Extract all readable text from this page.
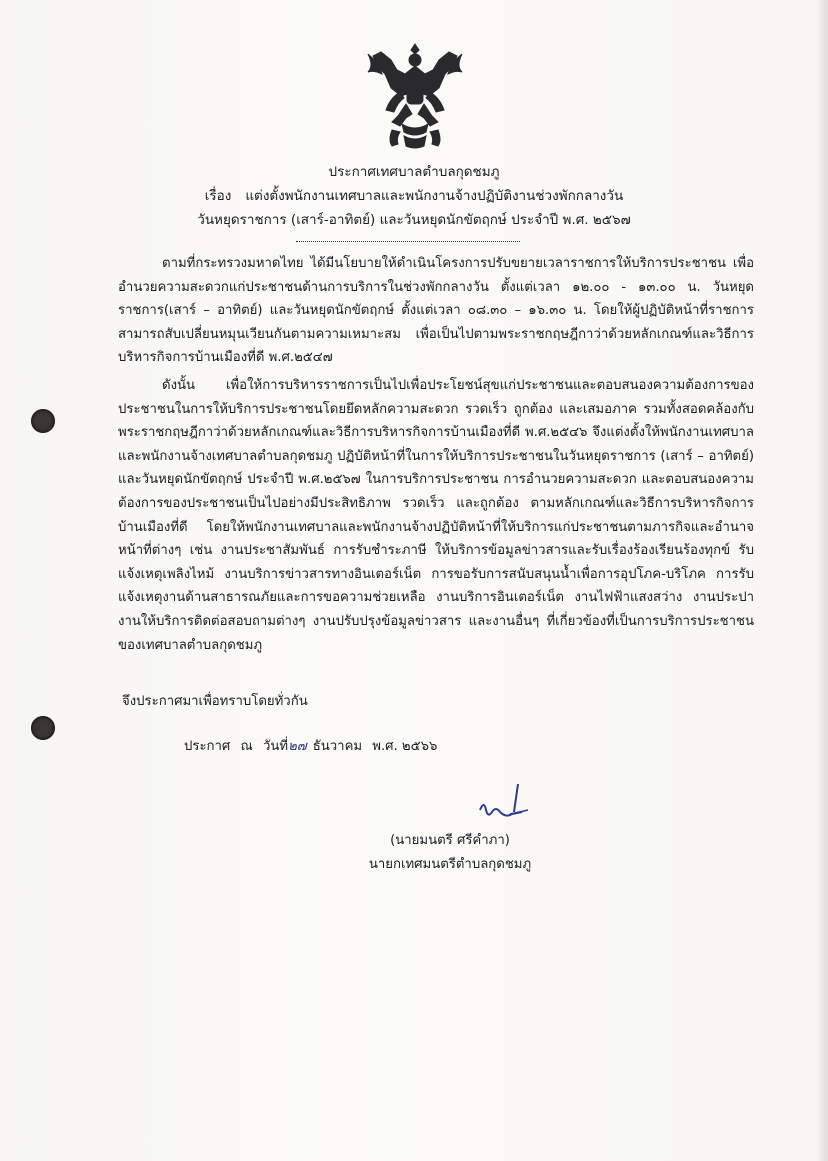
ประกาศเทศบาลตำบลกุดชมภู
เรื่อง แต่งตั้งพนักงานเทศบาลและพนักงานจ้างปฏิบัติงานช่วงพักกลางวัน
วันหยุดราชการ (เสาร์-อาทิตย์) และวันหยุดนักขัตฤกษ์ ประจำปี พ.ศ. ๒๕๖๗

ตามที่กระทรวงมหาดไทย ได้มีนโยบายให้ดำเนินโครงการปรับขยายเวลาราชการให้บริการประชาชน เพื่ออำนวยความสะดวกแก่ประชาชนด้านการบริการในช่วงพักกลางวัน ตั้งแต่เวลา ๑๒.๐๐ - ๑๓.๐๐ น. วันหยุดราชการ(เสาร์ – อาทิตย์) และวันหยุดนักขัตฤกษ์ ตั้งแต่เวลา ๐๘.๓๐ – ๑๖.๓๐ น. โดยให้ผู้ปฏิบัติหน้าที่ราชการสามารถสับเปลี่ยนหมุนเวียนกันตามความเหมาะสม เพื่อเป็นไปตามพระราชกฤษฎีกาว่าด้วยหลักเกณฑ์และวิธีการบริหารกิจการบ้านเมืองที่ดี พ.ศ.๒๕๔๗

ดังนั้น เพื่อให้การบริหารราชการเป็นไปเพื่อประโยชน์สุขแก่ประชาชนและตอบสนองความต้องการของประชาชนในการให้บริการประชาชนโดยยึดหลักความสะดวก รวดเร็ว ถูกต้อง และเสมอภาค รวมทั้งสอดคล้องกับพระราชกฤษฎีกาว่าด้วยหลักเกณฑ์และวิธีการบริหารกิจการบ้านเมืองที่ดี พ.ศ.๒๕๔๖ จึงแต่งตั้งให้พนักงานเทศบาลและพนักงานจ้างเทศบาลตำบลกุดชมภู ปฏิบัติหน้าที่ในการให้บริการประชาชนในวันหยุดราชการ (เสาร์ – อาทิตย์) และวันหยุดนักขัตฤกษ์ ประจำปี พ.ศ.๒๕๖๗ ในการบริการประชาชน การอำนวยความสะดวก และตอบสนองความต้องการของประชาชนเป็นไปอย่างมีประสิทธิภาพ รวดเร็ว และถูกต้อง ตามหลักเกณฑ์และวิธีการบริหารกิจการบ้านเมืองที่ดี โดยให้พนักงานเทศบาลและพนักงานจ้างปฏิบัติหน้าที่ให้บริการแก่ประชาชนตามภารกิจและอำนาจหน้าที่ต่างๆ เช่น งานประชาสัมพันธ์ การรับชำระภาษี ให้บริการข้อมูลข่าวสารและรับเรื่องร้องเรียนร้องทุกข์ รับแจ้งเหตุเพลิงไหม้ งานบริการข่าวสารทางอินเตอร์เน็ต การขอรับการสนับสนุนน้ำเพื่อการอุปโภค-บริโภค การรับแจ้งเหตุงานด้านสาธารณภัยและการขอความช่วยเหลือ งานบริการอินเตอร์เน็ต งานไฟฟ้าแสงสว่าง งานประปา งานให้บริการติดต่อสอบถามต่างๆ งานปรับปรุงข้อมูลข่าวสาร และงานอื่นๆ ที่เกี่ยวข้องที่เป็นการบริการประชาชนของเทศบาลตำบลกุดชมภู

จึงประกาศมาเพื่อทราบโดยทั่วกัน
ประกาศ ณ วันที่๒๗ ธันวาคม พ.ศ. ๒๕๖๖
(นายมนตรี ศรีคำภา)
นายกเทศมนตรีตำบลกุดชมภู
